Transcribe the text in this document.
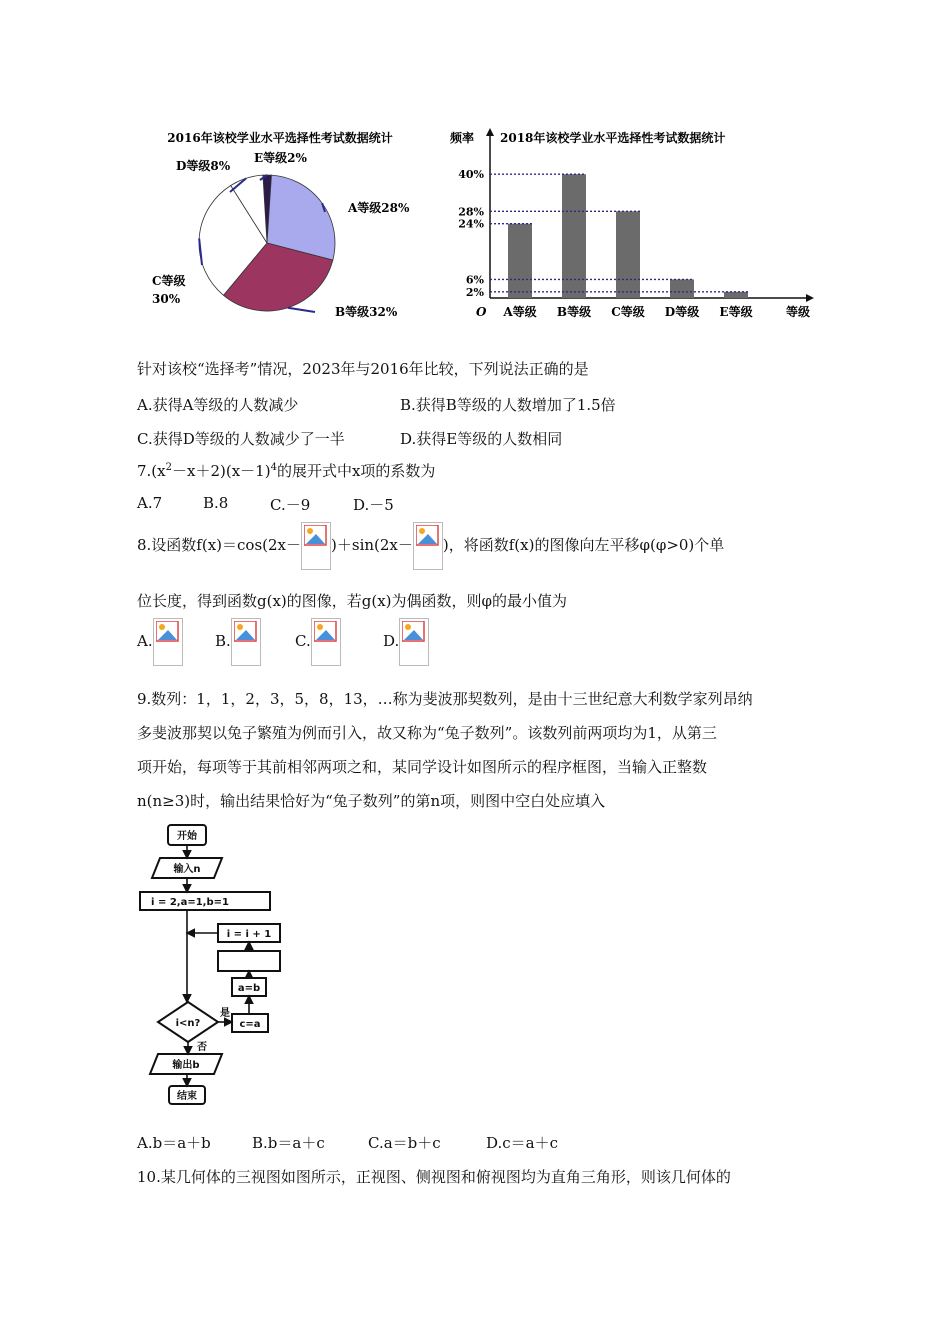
2016年该校学业水平选择性考试数据统计
A等级28%
B等级32%
C等级
30%
D等级8%
E等级2%
2018年该校学业水平选择性考试数据统计
频率
O	等级
A等级 B等级 C等级 D等级 E等级
40%
28%
24%
6%
2%
针对该校“选择考”情况，2023年与2016年比较，下列说法正确的是
A.获得A等级的人数减少	B.获得B等级的人数增加了1.5倍
C.获得D等级的人数减少了一半	D.获得E等级的人数相同
$7.(x^2-x+2)(x-1)^4$的展开式中x项的系数为
A.7	B.8	C.－9	D.－5
8.设函数f(x)＝cos(2x－ )＋sin(2x－ )，将函数f(x)的图像向左平移φ(φ>0)个单
位长度，得到函数g(x)的图像，若g(x)为偶函数，则φ的最小值为
A.	B.	C.	D.
9.数列：1，1，2，3，5，8，13，…称为斐波那契数列，是由十三世纪意大利数学家列昂纳
多斐波那契以兔子繁殖为例而引入，故又称为“兔子数列”。该数列前两项均为1，从第三
项开始，每项等于其前相邻两项之和，某同学设计如图所示的程序框图，当输入正整数
n(n≥3)时，输出结果恰好为“兔子数列”的第n项，则图中空白处应填入
开始
输入n
i = 2,a=1,b=1
i = i + 1
a=b
c=a
i<n?
是
否
输出b
结束
A.b＝a＋b	B.b＝a＋c	C.a＝b＋c	D.c＝a＋c
10.某几何体的三视图如图所示，正视图、侧视图和俯视图均为直角三角形，则该几何体的
